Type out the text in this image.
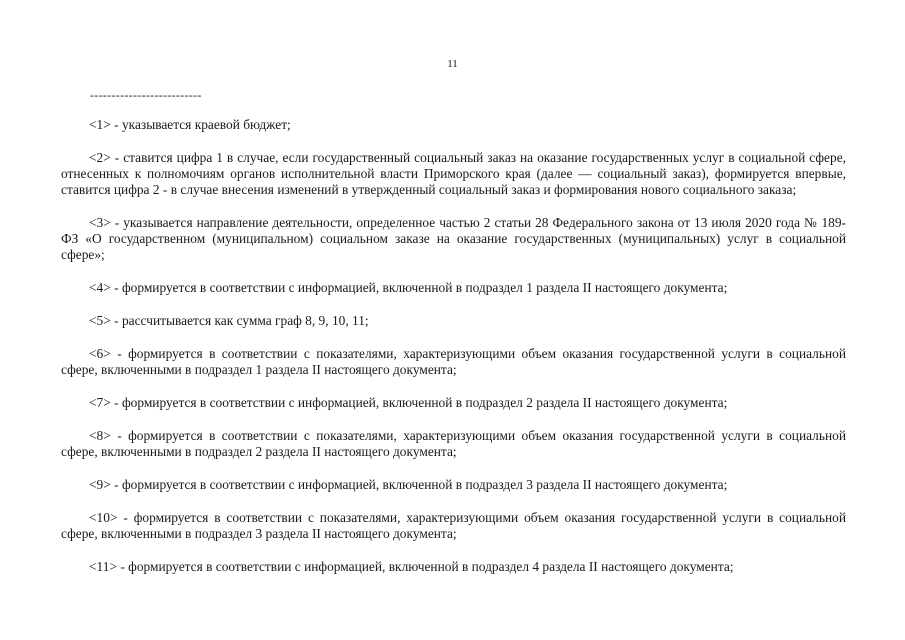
11
--------------------------

<1> - указывается краевой бюджет;

<2> - ставится цифра 1 в случае, если государственный социальный заказ на оказание государственных услуг в социальной сфере, отнесенных к полномочиям органов исполнительной власти Приморского края (далее — социальный заказ), формируется впервые, ставится цифра 2 - в случае внесения изменений в утвержденный социальный заказ и формирования нового социального заказа;

<3> - указывается направление деятельности, определенное частью 2 статьи 28 Федерального закона от 13 июля 2020 года № 189-ФЗ «О государственном (муниципальном) социальном заказе на оказание государственных (муниципальных) услуг в социальной сфере»;

<4> - формируется в соответствии с информацией, включенной в подраздел 1 раздела II настоящего документа;

<5> - рассчитывается как сумма граф 8, 9, 10, 11;

<6> - формируется в соответствии с показателями, характеризующими объем оказания государственной услуги в социальной сфере, включенными в подраздел 1 раздела II настоящего документа;

<7> - формируется в соответствии с информацией, включенной в подраздел 2 раздела II настоящего документа;

<8> - формируется в соответствии с показателями, характеризующими объем оказания государственной услуги в социальной сфере, включенными в подраздел 2 раздела II настоящего документа;

<9> - формируется в соответствии с информацией, включенной в подраздел 3 раздела II настоящего документа;

<10> - формируется в соответствии с показателями, характеризующими объем оказания государственной услуги в социальной сфере, включенными в подраздел 3 раздела II настоящего документа;

<11> - формируется в соответствии с информацией, включенной в подраздел 4 раздела II настоящего документа;
